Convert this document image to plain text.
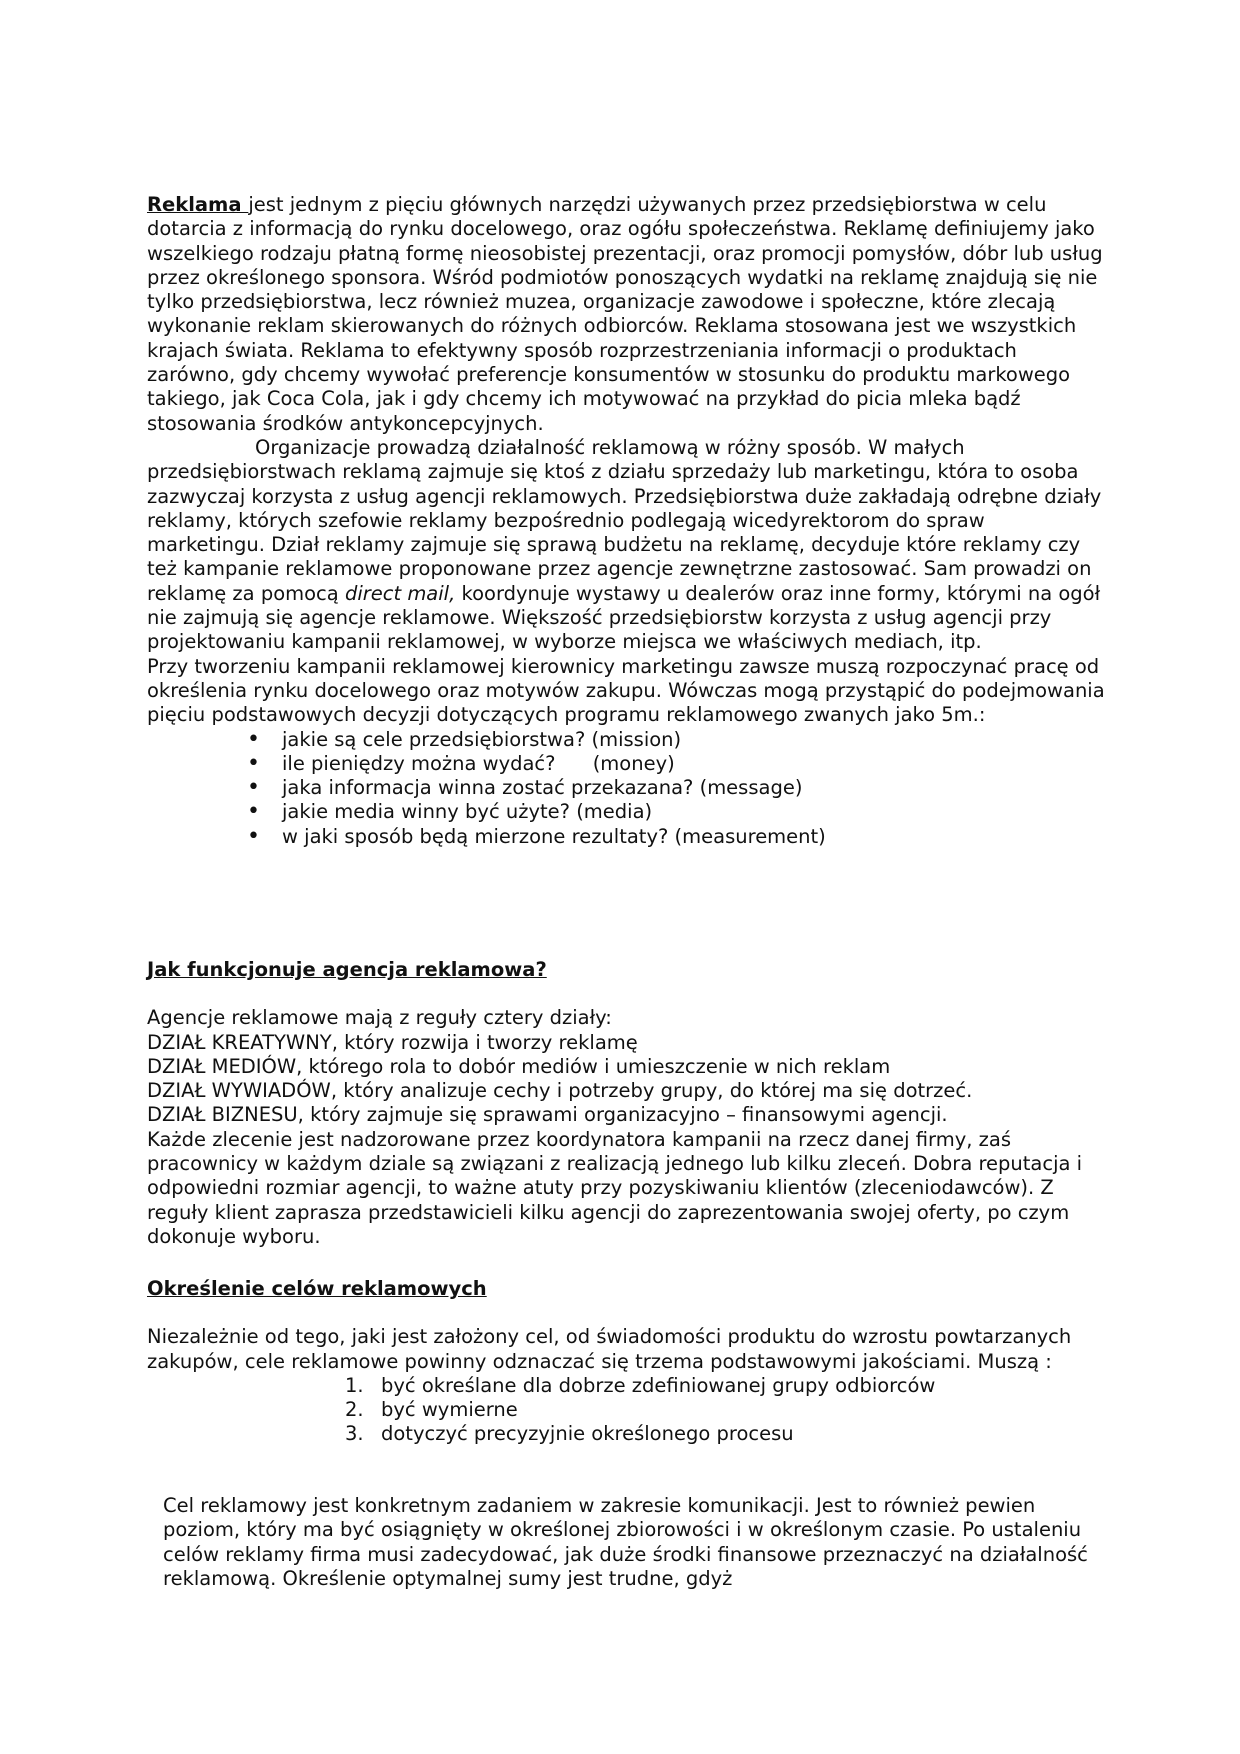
Reklama jest jednym z pięciu głównych narzędzi używanych przez przedsiębiorstwa w celu dotarcia z informacją do rynku docelowego, oraz ogółu społeczeństwa. Reklamę definiujemy jako wszelkiego rodzaju płatną formę nieosobistej prezentacji, oraz promocji pomysłów, dóbr lub usług przez określonego sponsora. Wśród podmiotów ponoszących wydatki na reklamę znajdują się nie tylko przedsiębiorstwa, lecz również muzea, organizacje zawodowe i społeczne, które zlecają wykonanie reklam skierowanych do różnych odbiorców. Reklama stosowana jest we wszystkich krajach świata. Reklama to efektywny sposób rozprzestrzeniania informacji o produktach zarówno, gdy chcemy wywołać preferencje konsumentów w stosunku do produktu markowego takiego, jak Coca Cola, jak i gdy chcemy ich motywować na przykład do picia mleka bądź stosowania środków antykoncepcyjnych.

Organizacje prowadzą działalność reklamową w różny sposób. W małych przedsiębiorstwach reklamą zajmuje się ktoś z działu sprzedaży lub marketingu, która to osoba zazwyczaj korzysta z usług agencji reklamowych. Przedsiębiorstwa duże zakładają odrębne działy reklamy, których szefowie reklamy bezpośrednio podlegają wicedyrektorom do spraw marketingu. Dział reklamy zajmuje się sprawą budżetu na reklamę, decyduje które reklamy czy też kampanie reklamowe proponowane przez agencje zewnętrzne zastosować. Sam prowadzi on reklamę za pomocą direct mail, koordynuje wystawy u dealerów oraz inne formy, którymi na ogół nie zajmują się agencje reklamowe. Większość przedsiębiorstw korzysta z usług agencji przy projektowaniu kampanii reklamowej, w wyborze miejsca we właściwych mediach, itp.

Przy tworzeniu kampanii reklamowej kierownicy marketingu zawsze muszą rozpoczynać pracę od określenia rynku docelowego oraz motywów zakupu. Wówczas mogą przystąpić do podejmowania pięciu podstawowych decyzji dotyczących programu reklamowego zwanych jako 5m.:

• jakie są cele przedsiębiorstwa? (mission)
• ile pieniędzy można wydać?      (money)
• jaka informacja winna zostać przekazana? (message)
• jakie media winny być użyte? (media)
• w jaki sposób będą mierzone rezultaty? (measurement)

Jak funkcjonuje agencja reklamowa?

Agencje reklamowe mają z reguły cztery działy:

DZIAŁ KREATYWNY, który rozwija i tworzy reklamę

DZIAŁ MEDIÓW, którego rola to dobór mediów i umieszczenie w nich reklam

DZIAŁ WYWIADÓW, który analizuje cechy i potrzeby grupy, do której ma się dotrzeć.

DZIAŁ BIZNESU, który zajmuje się sprawami organizacyjno – finansowymi agencji.

Każde zlecenie jest nadzorowane przez koordynatora kampanii na rzecz danej firmy, zaś pracownicy w każdym dziale są związani z realizacją jednego lub kilku zleceń. Dobra reputacja i odpowiedni rozmiar agencji, to ważne atuty przy pozyskiwaniu klientów (zleceniodawców). Z reguły klient zaprasza przedstawicieli kilku agencji do zaprezentowania swojej oferty, po czym dokonuje wyboru.

Określenie celów reklamowych

Niezależnie od tego, jaki jest założony cel, od świadomości produktu do wzrostu powtarzanych zakupów, cele reklamowe powinny odznaczać się trzema podstawowymi jakościami. Muszą :

1. być określane dla dobrze zdefiniowanej grupy odbiorców
2. być wymierne
3. dotyczyć precyzyjnie określonego procesu

Cel reklamowy jest konkretnym zadaniem w zakresie komunikacji. Jest to również pewien poziom, który ma być osiągnięty w określonej zbiorowości i w określonym czasie. Po ustaleniu celów reklamy firma musi zadecydować, jak duże środki finansowe przeznaczyć na działalność reklamową. Określenie optymalnej sumy jest trudne, gdyż
